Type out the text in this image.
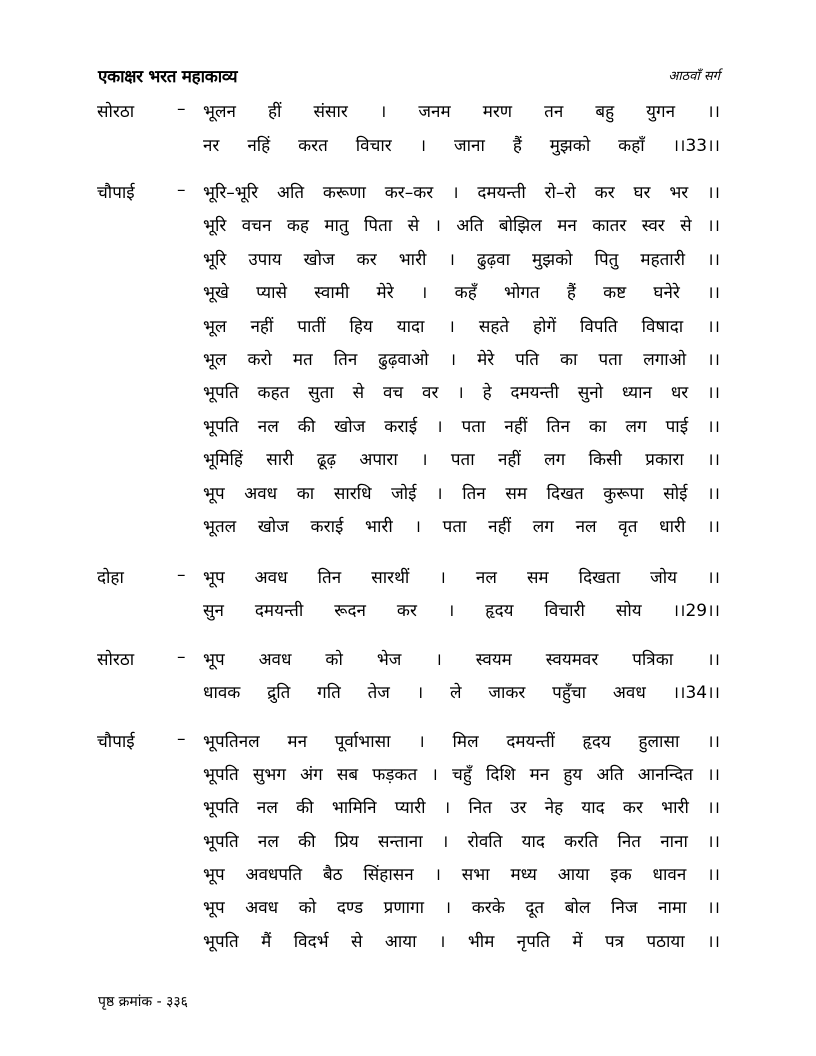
एकाक्षर भरत महाकाव्य	आठवाँ सर्ग
सोरठा	– भूलन हीं संसार । जनम मरण तन बहु युगन ।।
नर नहिं करत विचार । जाना हैं मुझको कहाँ ।।33।।
चौपाई – भूरि–भूरि अति करूणा कर–कर । दमयन्ती रो–रो कर घर भर ।।
भूरि वचन कह मातु पिता से । अति बोझिल मन कातर स्वर से ।।
भूरि उपाय खोज कर भारी । ढुढ़वा मुझको पितु महतारी ।।
भूखे प्यासे स्वामी मेरे । कहँ भोगत हैं कष्ट घनेरे ।।
भूल नहीं पातीं हिय यादा । सहते होगें विपति विषादा ।।
भूल करो मत तिन ढुढ़वाओ । मेरे पति का पता लगाओ ।।
भूपति कहत सुता से वच वर । हे दमयन्ती सुनो ध्यान धर ।।
भूपति नल की खोज कराई । पता नहीं तिन का लग पाई ।।
भूमिहिं सारी ढूढ़ अपारा । पता नहीं लग किसी प्रकारा ।।
भूप अवध का सारधि जोई । तिन सम दिखत कुरूपा सोई ।।
भूतल खोज कराई भारी । पता नहीं लग नल वृत धारी ।।
दोहा	– भूप अवध तिन सारथीं । नल सम दिखता जोय ।।
सुन दमयन्ती रूदन कर । हृदय विचारी सोय ।।29।।
सोरठा	– भूप अवध को भेज । स्वयम स्वयमवर पत्रिका ।।
धावक द्रुति गति तेज । ले जाकर पहुँचा अवध ।।34।।
चौपाई – भूपतिनल मन पूर्वाभासा । मिल दमयन्तीं हृदय हुलासा ।।
भूपति सुभग अंग सब फड़कत । चहुँ दिशि मन हुय अति आनन्दित ।।
भूपति नल की भामिनि प्यारी । नित उर नेह याद कर भारी ।।
भूपति नल की प्रिय सन्ताना । रोवति याद करति नित नाना ।।
भूप अवधपति बैठ सिंहासन । सभा मध्य आया इक धावन ।।
भूप अवध को दण्ड प्रणागा । करके दूत बोल निज नामा ।।
भूपति मैं विदर्भ से आया । भीम नृपति में पत्र पठाया ।।
पृष्ठ क्रमांक - ३३६
